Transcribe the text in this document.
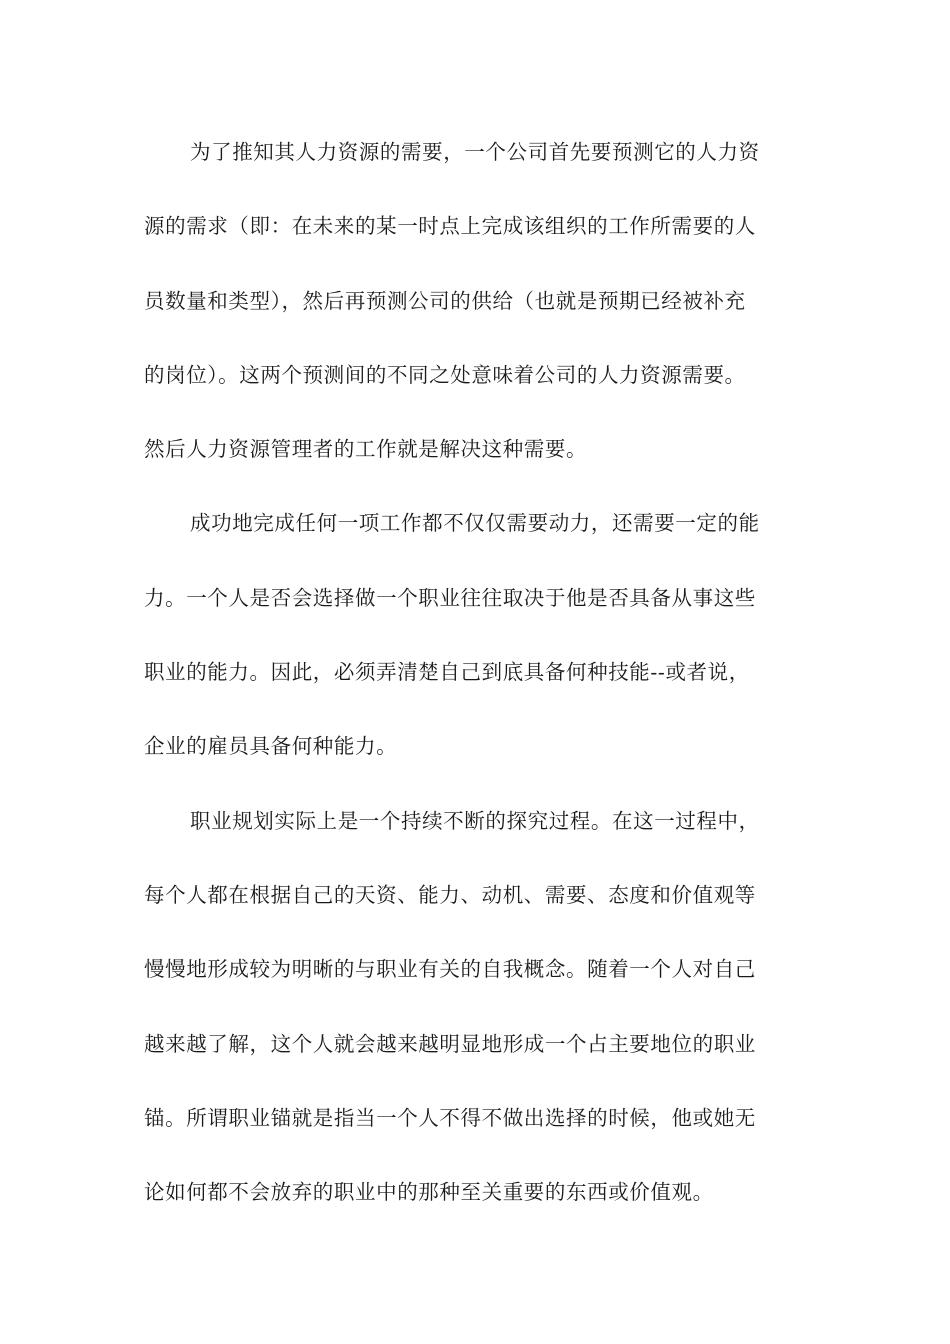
为了推知其人力资源的需要，一个公司首先要预测它的人力资
源的需求（即：在未来的某一时点上完成该组织的工作所需要的人
员数量和类型），然后再预测公司的供给（也就是预期已经被补充
的岗位）。这两个预测间的不同之处意味着公司的人力资源需要。
然后人力资源管理者的工作就是解决这种需要。

成功地完成任何一项工作都不仅仅需要动力，还需要一定的能
力。一个人是否会选择做一个职业往往取决于他是否具备从事这些
职业的能力。因此，必须弄清楚自己到底具备何种技能--或者说，
企业的雇员具备何种能力。

职业规划实际上是一个持续不断的探究过程。在这一过程中，
每个人都在根据自己的天资、能力、动机、需要、态度和价值观等
慢慢地形成较为明晰的与职业有关的自我概念。随着一个人对自己
越来越了解，这个人就会越来越明显地形成一个占主要地位的职业
锚。所谓职业锚就是指当一个人不得不做出选择的时候，他或她无
论如何都不会放弃的职业中的那种至关重要的东西或价值观。
